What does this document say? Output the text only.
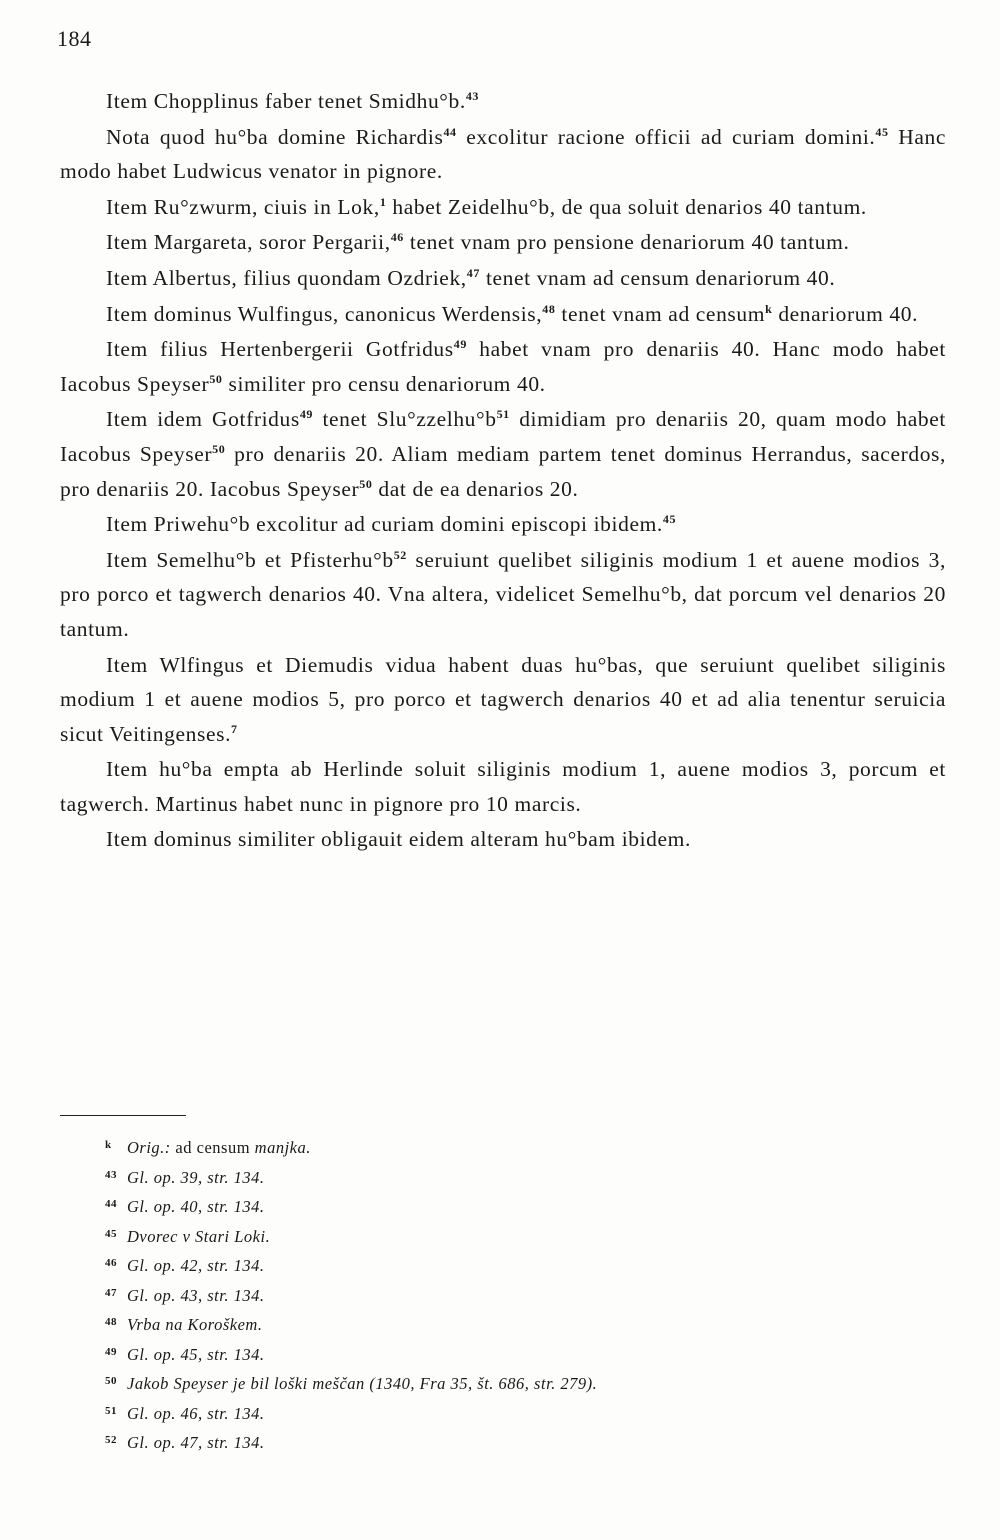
184

Item Chopplinus faber tenet Smidhu°b.$^{43}$

Nota quod hu°ba domine Richardis$^{44}$ excolitur racione officii ad curiam domini.$^{45}$ Hanc modo habet Ludwicus venator in pignore.

Item Ru°zwurm, ciuis in Lok,$^1$ habet Zeidelhu°b, de qua soluit denarios 40 tantum.

Item Margareta, soror Pergarii,$^{46}$ tenet vnam pro pensione denariorum 40 tantum.

Item Albertus, filius quondam Ozdriek,$^{47}$ tenet vnam ad censum denariorum 40.

Item dominus Wulfingus, canonicus Werdensis,$^{48}$ tenet vnam ad censum$^k$ denariorum 40.

Item filius Hertenbergerii Gotfridus$^{49}$ habet vnam pro denariis 40. Hanc modo habet Iacobus Speyser$^{50}$ similiter pro censu denariorum 40.

Item idem Gotfridus$^{49}$ tenet $Slu^\circ zzelhu^\circ b^{51}$ dimidiam pro denariis 20, quam modo habet Iacobus Speyser$^{50}$ pro denariis 20. Aliam mediam partem tenet dominus Herrandus, sacerdos, pro denariis 20. Iacobus Speyser$^{50}$ dat de ea denarios 20.

Item Priwehu°b excolitur ad curiam domini episcopi ibidem.$^{45}$

Item Semelhu°b et $Pfisterhu^\circ b^{52}$ seruiunt quelibet siliginis modium 1 et auene modios 3, pro porco et tagwerch denarios 40. Vna altera, videlicet Semelhu°b, dat porcum vel denarios 20 tantum.

Item Wlfingus et Diemudis vidua habent duas hu°bas, que seruiunt quelibet siliginis modium 1 et auene modios 5, pro porco et tagwerch denarios 40 et ad alia tenentur seruicia sicut Veitingenses.$^7$

Item hu°ba empta ab Herlinde soluit siliginis modium 1, auene modios 3, porcum et tagwerch. Martinus habet nunc in pignore pro 10 marcis.

Item dominus similiter obligauit eidem alteram hu°bam ibidem.

k Orig.: ad censum manjka.
43 Gl. op. 39, str. 134.
44 Gl. op. 40, str. 134.
45 Dvorec v Stari Loki.
46 Gl. op. 42, str. 134.
47 Gl. op. 43, str. 134.
48 Vrba na Koroškem.
49 Gl. op. 45, str. 134.
50 Jakob Speyser je bil loški meščan (1340, Fra 35, št. 686, str. 279).
51 Gl. op. 46, str. 134.
52 Gl. op. 47, str. 134.
